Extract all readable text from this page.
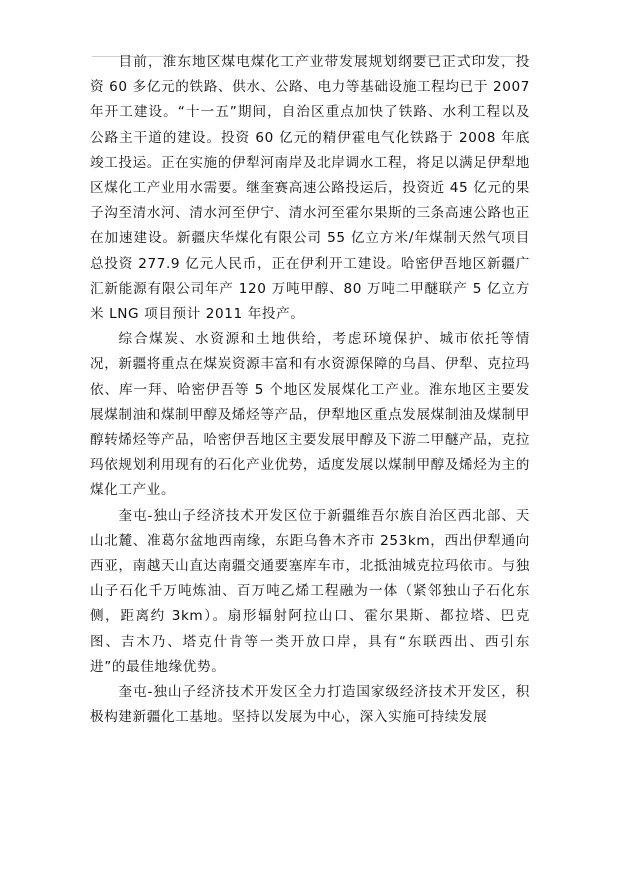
目前，淮东地区煤电煤化工产业带发展规划纲要已正式印发，投资 60 多亿元的铁路、供水、公路、电力等基础设施工程均已于 2007 年开工建设。“十一五”期间，自治区重点加快了铁路、水利工程以及公路主干道的建设。投资 60 亿元的精伊霍电气化铁路于 2008 年底竣工投运。正在实施的伊犁河南岸及北岸调水工程，将足以满足伊犁地区煤化工产业用水需要。继奎赛高速公路投运后，投资近 45 亿元的果子沟至清水河、清水河至伊宁、清水河至霍尔果斯的三条高速公路也正在加速建设。新疆庆华煤化有限公司 55 亿立方米/年煤制天然气项目总投资 277.9 亿元人民币，正在伊利开工建设。哈密伊吾地区新疆广汇新能源有限公司年产 120 万吨甲醇、80 万吨二甲醚联产 5 亿立方米 LNG 项目预计 2011 年投产。

综合煤炭、水资源和土地供给，考虑环境保护、城市依托等情况，新疆将重点在煤炭资源丰富和有水资源保障的乌昌、伊犁、克拉玛依、库一拜、哈密伊吾等 5 个地区发展煤化工产业。淮东地区主要发展煤制油和煤制甲醇及烯烃等产品，伊犁地区重点发展煤制油及煤制甲醇转烯烃等产品，哈密伊吾地区主要发展甲醇及下游二甲醚产品，克拉玛依规划利用现有的石化产业优势，适度发展以煤制甲醇及烯烃为主的煤化工产业。

奎屯-独山子经济技术开发区位于新疆维吾尔族自治区西北部、天山北麓、准葛尔盆地西南缘，东距乌鲁木齐市 253km，西出伊犁通向西亚，南越天山直达南疆交通要塞库车市，北抵油城克拉玛依市。与独山子石化千万吨炼油、百万吨乙烯工程融为一体（紧邻独山子石化东侧，距离约 3km）。扇形辐射阿拉山口、霍尔果斯、都拉塔、巴克图、吉木乃、塔克什肯等一类开放口岸，具有“东联西出、西引东进”的最佳地缘优势。

奎屯-独山子经济技术开发区全力打造国家级经济技术开发区，积极构建新疆化工基地。坚持以发展为中心，深入实施可持续发展
